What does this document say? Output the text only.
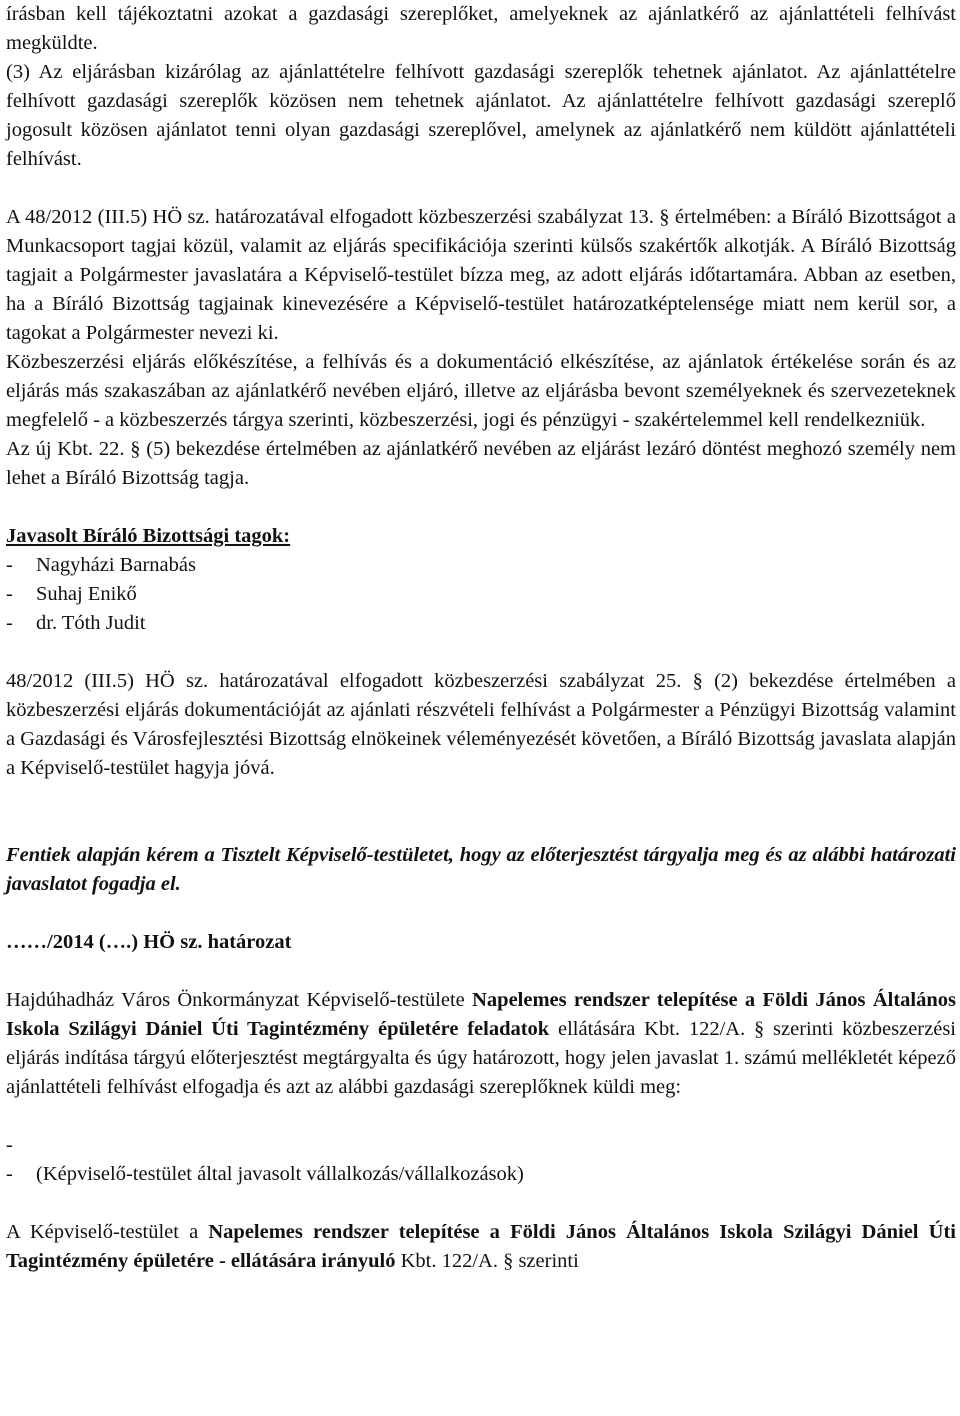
írásban kell tájékoztatni azokat a gazdasági szereplőket, amelyeknek az ajánlatkérő az ajánlattételi felhívást megküldte.

(3) Az eljárásban kizárólag az ajánlattételre felhívott gazdasági szereplők tehetnek ajánlatot. Az ajánlattételre felhívott gazdasági szereplők közösen nem tehetnek ajánlatot. Az ajánlattételre felhívott gazdasági szereplő jogosult közösen ajánlatot tenni olyan gazdasági szereplővel, amelynek az ajánlatkérő nem küldött ajánlattételi felhívást.

A 48/2012 (III.5) HÖ sz. határozatával elfogadott közbeszerzési szabályzat 13. § értelmében: a Bíráló Bizottságot a Munkacsoport tagjai közül, valamit az eljárás specifikációja szerinti külsős szakértők alkotják. A Bíráló Bizottság tagjait a Polgármester javaslatára a Képviselő-testület bízza meg, az adott eljárás időtartamára. Abban az esetben, ha a Bíráló Bizottság tagjainak kinevezésére a Képviselő-testület határozatképtelensége miatt nem kerül sor, a tagokat a Polgármester nevezi ki.

Közbeszerzési eljárás előkészítése, a felhívás és a dokumentáció elkészítése, az ajánlatok értékelése során és az eljárás más szakaszában az ajánlatkérő nevében eljáró, illetve az eljárásba bevont személyeknek és szervezeteknek megfelelő - a közbeszerzés tárgya szerinti, közbeszerzési, jogi és pénzügyi - szakértelemmel kell rendelkezniük.

Az új Kbt. 22. § (5) bekezdése értelmében az ajánlatkérő nevében az eljárást lezáró döntést meghozó személy nem lehet a Bíráló Bizottság tagja.

Javasolt Bíráló Bizottsági tagok:

-	Nagyházi Barnabás
-	Suhaj Enikő
-	dr. Tóth Judit

48/2012 (III.5) HÖ sz. határozatával elfogadott közbeszerzési szabályzat 25. § (2) bekezdése értelmében a közbeszerzési eljárás dokumentációját az ajánlati részvételi felhívást a Polgármester a Pénzügyi Bizottság valamint a Gazdasági és Városfejlesztési Bizottság elnökeinek véleményezését követően, a Bíráló Bizottság javaslata alapján a Képviselő-testület hagyja jóvá.

Fentiek alapján kérem a Tisztelt Képviselő-testületet, hogy az előterjesztést tárgyalja meg és az alábbi határozati javaslatot fogadja el.

……/2014 (….) HÖ sz. határozat

Hajdúhadház Város Önkormányzat Képviselő-testülete Napelemes rendszer telepítése a Földi János Általános Iskola Szilágyi Dániel Úti Tagintézmény épületére feladatok ellátására Kbt. 122/A. § szerinti közbeszerzési eljárás indítása tárgyú előterjesztést megtárgyalta és úgy határozott, hogy jelen javaslat 1. számú mellékletét képező ajánlattételi felhívást elfogadja és azt az alábbi gazdasági szereplőknek küldi meg:

-
-	(Képviselő-testület által javasolt vállalkozás/vállalkozások)

A Képviselő-testület a Napelemes rendszer telepítése a Földi János Általános Iskola Szilágyi Dániel Úti Tagintézmény épületére - ellátására irányuló Kbt. 122/A. § szerinti
